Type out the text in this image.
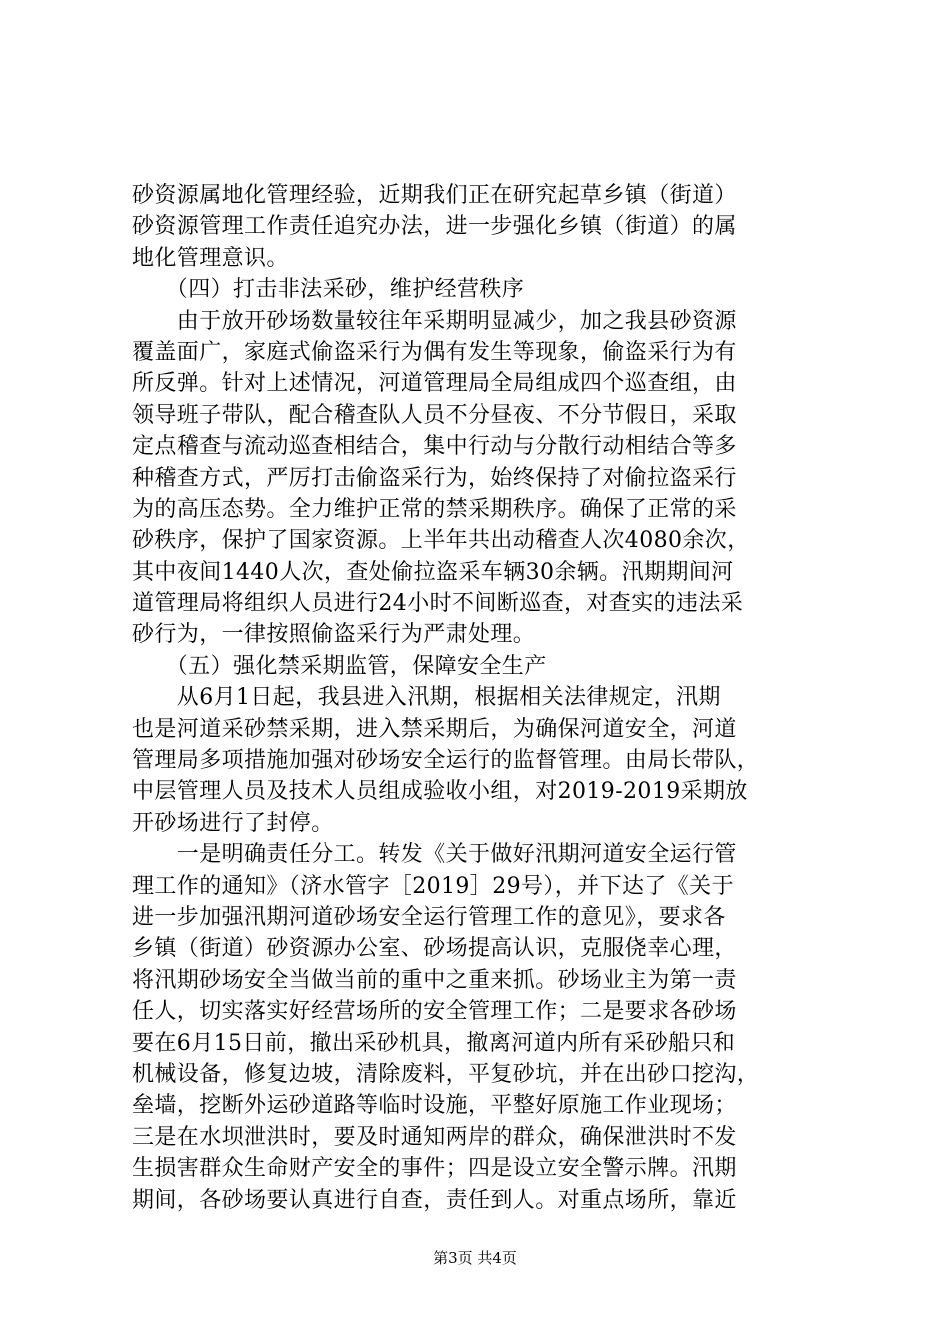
砂资源属地化管理经验，近期我们正在研究起草乡镇（街道）
砂资源管理工作责任追究办法，进一步强化乡镇（街道）的属
地化管理意识。
　　（四）打击非法采砂，维护经营秩序
　　由于放开砂场数量较往年采期明显减少，加之我县砂资源
覆盖面广，家庭式偷盗采行为偶有发生等现象，偷盗采行为有
所反弹。针对上述情况，河道管理局全局组成四个巡查组，由
领导班子带队，配合稽查队人员不分昼夜、不分节假日，采取
定点稽查与流动巡查相结合，集中行动与分散行动相结合等多
种稽查方式，严厉打击偷盗采行为，始终保持了对偷拉盗采行
为的高压态势。全力维护正常的禁采期秩序。确保了正常的采
砂秩序，保护了国家资源。上半年共出动稽查人次4080余次，
其中夜间1440人次，查处偷拉盗采车辆30余辆。汛期期间河
道管理局将组织人员进行24小时不间断巡查，对查实的违法采
砂行为，一律按照偷盗采行为严肃处理。
　　（五）强化禁采期监管，保障安全生产
　　从6月1日起，我县进入汛期，根据相关法律规定，汛期
也是河道采砂禁采期，进入禁采期后，为确保河道安全，河道
管理局多项措施加强对砂场安全运行的监督管理。由局长带队，
中层管理人员及技术人员组成验收小组，对2019-2019采期放
开砂场进行了封停。
　　一是明确责任分工。转发《关于做好汛期河道安全运行管
理工作的通知》（济水管字［2019］29号），并下达了《关于
进一步加强汛期河道砂场安全运行管理工作的意见》，要求各
乡镇（街道）砂资源办公室、砂场提高认识，克服侥幸心理，
将汛期砂场安全当做当前的重中之重来抓。砂场业主为第一责
任人，切实落实好经营场所的安全管理工作；二是要求各砂场
要在6月15日前，撤出采砂机具，撤离河道内所有采砂船只和
机械设备，修复边坡，清除废料，平复砂坑，并在出砂口挖沟，
垒墙，挖断外运砂道路等临时设施，平整好原施工作业现场；
三是在水坝泄洪时，要及时通知两岸的群众，确保泄洪时不发
生损害群众生命财产安全的事件；四是设立安全警示牌。汛期
期间，各砂场要认真进行自查，责任到人。对重点场所，靠近
第3页 共4页
